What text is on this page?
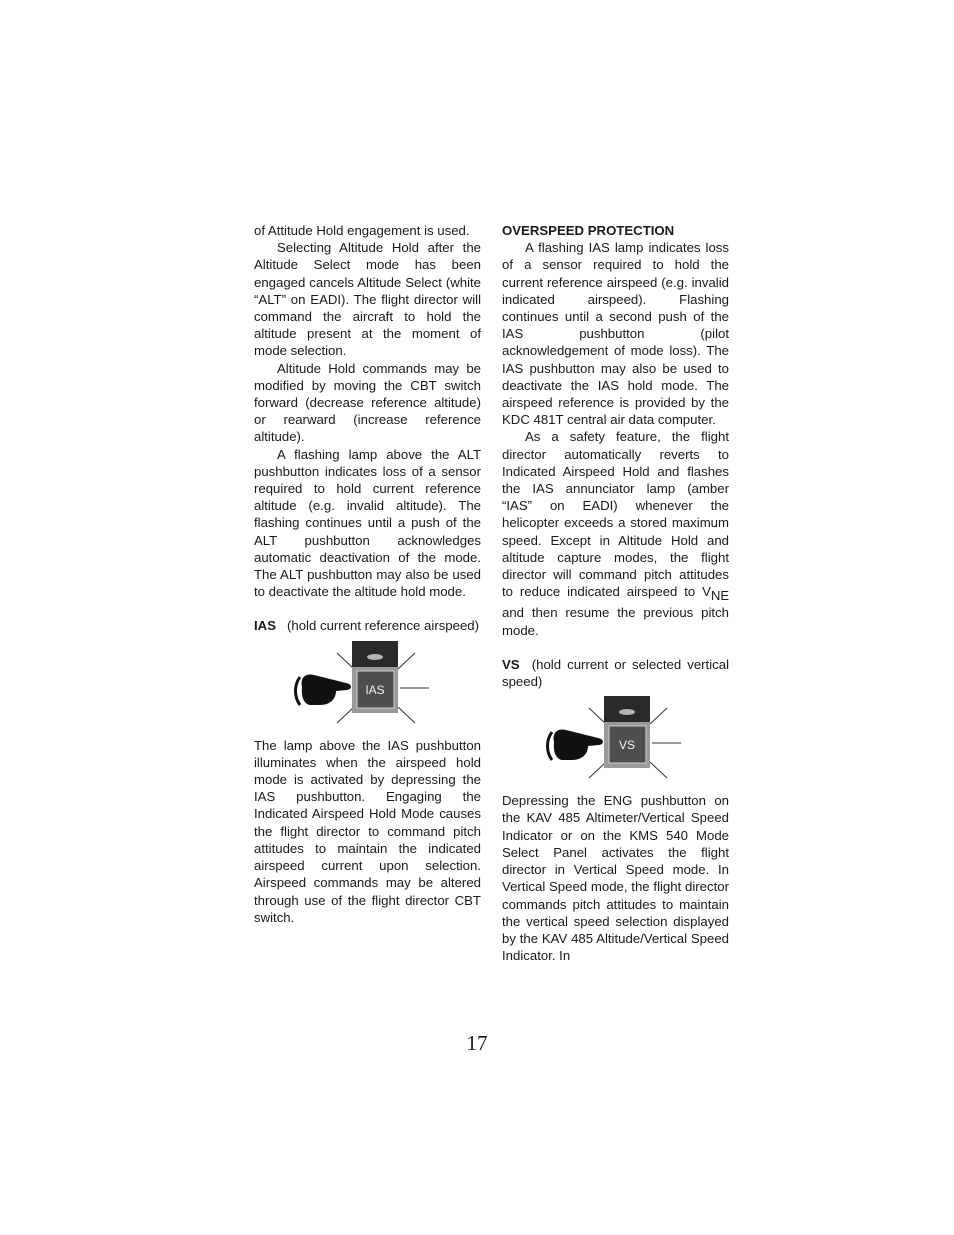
of Attitude Hold engagement is used.

Selecting Altitude Hold after the Altitude Select mode has been engaged cancels Altitude Select (white “ALT” on EADI). The flight director will command the aircraft to hold the altitude present at the moment of mode selection.

Altitude Hold commands may be modified by moving the CBT switch forward (decrease reference altitude) or rearward (increase reference altitude).

A flashing lamp above the ALT pushbutton indicates loss of a sensor required to hold current reference altitude (e.g. invalid altitude). The flashing continues until a push of the ALT pushbutton acknowledges automatic deactivation of the mode. The ALT pushbutton may also be used to deactivate the altitude hold mode.

IAS (hold current reference airspeed)

IAS

The lamp above the IAS pushbutton illuminates when the airspeed hold mode is activated by depressing the IAS pushbutton. Engaging the Indicated Airspeed Hold Mode causes the flight director to command pitch attitudes to maintain the indicated airspeed current upon selection. Airspeed commands may be altered through use of the flight director CBT switch.

OVERSPEED PROTECTION

A flashing IAS lamp indicates loss of a sensor required to hold the current reference airspeed (e.g. invalid indicated airspeed). Flashing continues until a second push of the IAS pushbutton (pilot acknowledgement of mode loss). The IAS pushbutton may also be used to deactivate the IAS hold mode. The airspeed reference is provided by the KDC 481T central air data computer.

As a safety feature, the flight director automatically reverts to Indicated Airspeed Hold and flashes the IAS annunciator lamp (amber “IAS” on EADI) whenever the helicopter exceeds a stored maximum speed. Except in Altitude Hold and altitude capture modes, the flight director will command pitch attitudes to reduce indicated airspeed to $V_{NE}$ and then resume the previous pitch mode.

VS (hold current or selected vertical speed)

VS

Depressing the ENG pushbutton on the KAV 485 Altimeter/Vertical Speed Indicator or on the KMS 540 Mode Select Panel activates the flight director in Vertical Speed mode. In Vertical Speed mode, the flight director commands pitch attitudes to maintain the vertical speed selection displayed by the KAV 485 Altitude/Vertical Speed Indicator. In

17
